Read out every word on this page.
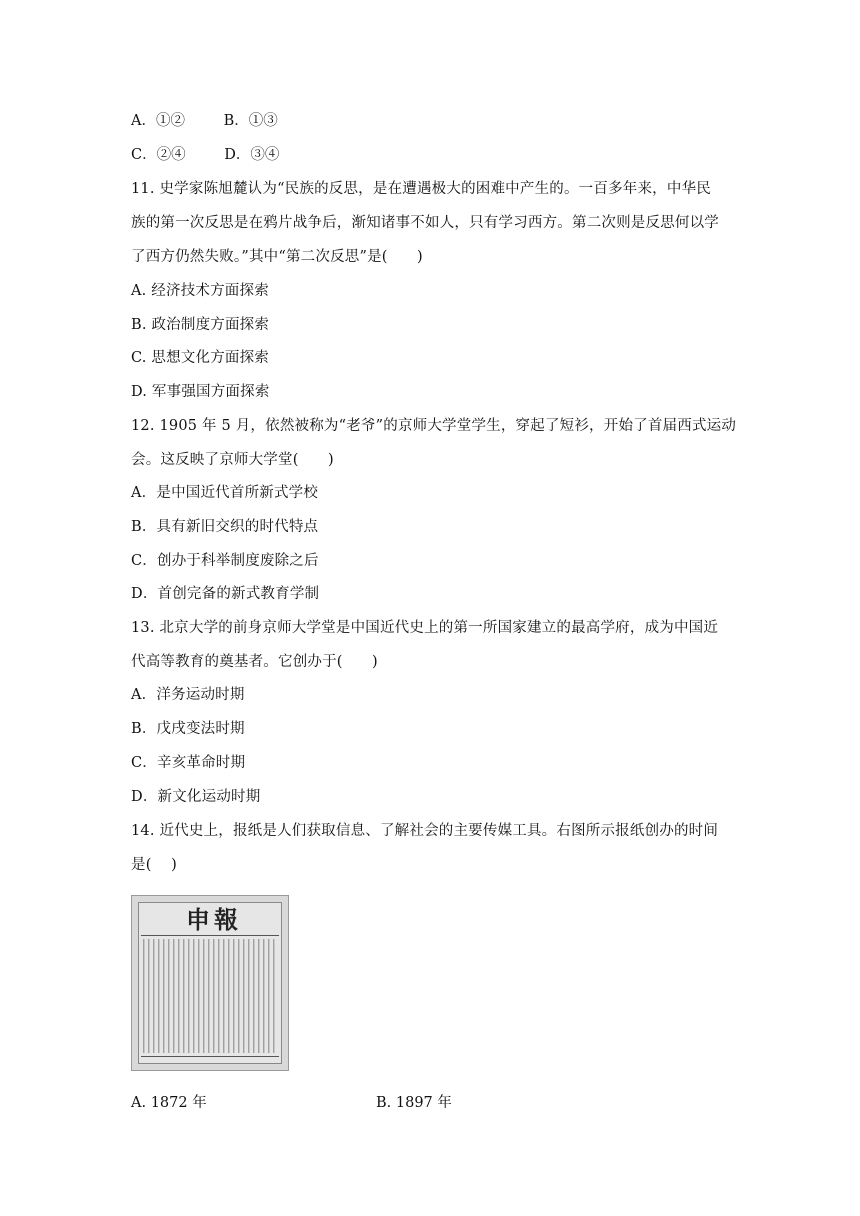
A．①②	B．①③
C．②④	D．③④
11. 史学家陈旭麓认为“民族的反思，是在遭遇极大的困难中产生的。一百多年来，中华民
族的第一次反思是在鸦片战争后，渐知诸事不如人，只有学习西方。第二次则是反思何以学
了西方仍然失败。”其中“第二次反思”是(　　)
A. 经济技术方面探索
B. 政治制度方面探索
C. 思想文化方面探索
D. 军事强国方面探索
12. 1905 年 5 月，依然被称为“老爷”的京师大学堂学生，穿起了短衫，开始了首届西式运动
会。这反映了京师大学堂(　　)
A．是中国近代首所新式学校
B．具有新旧交织的时代特点
C．创办于科举制度废除之后
D．首创完备的新式教育学制
13. 北京大学的前身京师大学堂是中国近代史上的第一所国家建立的最高学府，成为中国近
代高等教育的奠基者。它创办于(　　)
A．洋务运动时期
B．戊戌变法时期
C．辛亥革命时期
D．新文化运动时期
14. 近代史上，报纸是人们获取信息、了解社会的主要传媒工具。右图所示报纸创办的时间
是(　 )
申報
A. 1872 年	B. 1897 年
